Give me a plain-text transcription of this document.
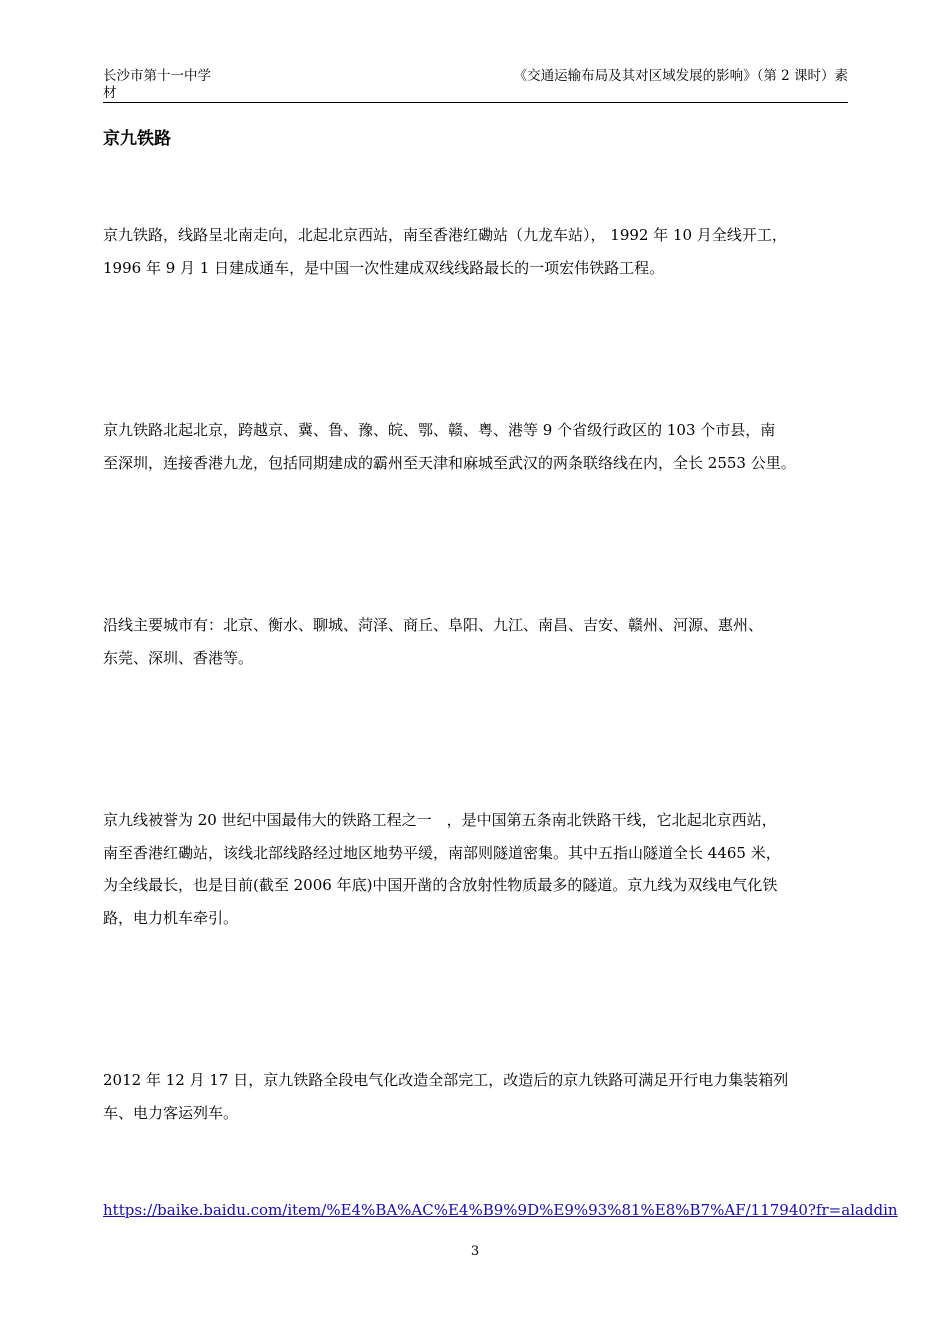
长沙市第十一中学
材
《交通运输布局及其对区域发展的影响》（第 2 课时）素
京九铁路

京九铁路，线路呈北南走向，北起北京西站，南至香港红磡站（九龙车站）， 1992 年 10 月全线开工，
1996 年 9 月 1 日建成通车，是中国一次性建成双线线路最长的一项宏伟铁路工程。

京九铁路北起北京，跨越京、冀、鲁、豫、皖、鄂、赣、粤、港等 9 个省级行政区的 103 个市县，南
至深圳，连接香港九龙，包括同期建成的霸州至天津和麻城至武汉的两条联络线在内，全长 2553 公里。

沿线主要城市有：北京、衡水、聊城、菏泽、商丘、阜阳、九江、南昌、吉安、赣州、河源、惠州、
东莞、深圳、香港等。

京九线被誉为 20 世纪中国最伟大的铁路工程之一　，是中国第五条南北铁路干线，它北起北京西站，
南至香港红磡站，该线北部线路经过地区地势平缓，南部则隧道密集。其中五指山隧道全长 4465 米，
为全线最长，也是目前(截至 2006 年底)中国开凿的含放射性物质最多的隧道。京九线为双线电气化铁
路，电力机车牵引。

2012 年 12 月 17 日，京九铁路全段电气化改造全部完工，改造后的京九铁路可满足开行电力集装箱列
车、电力客运列车。

https://baike.baidu.com/item/%E4%BA%AC%E4%B9%9D%E9%93%81%E8%B7%AF/117940?fr=aladdin
3
